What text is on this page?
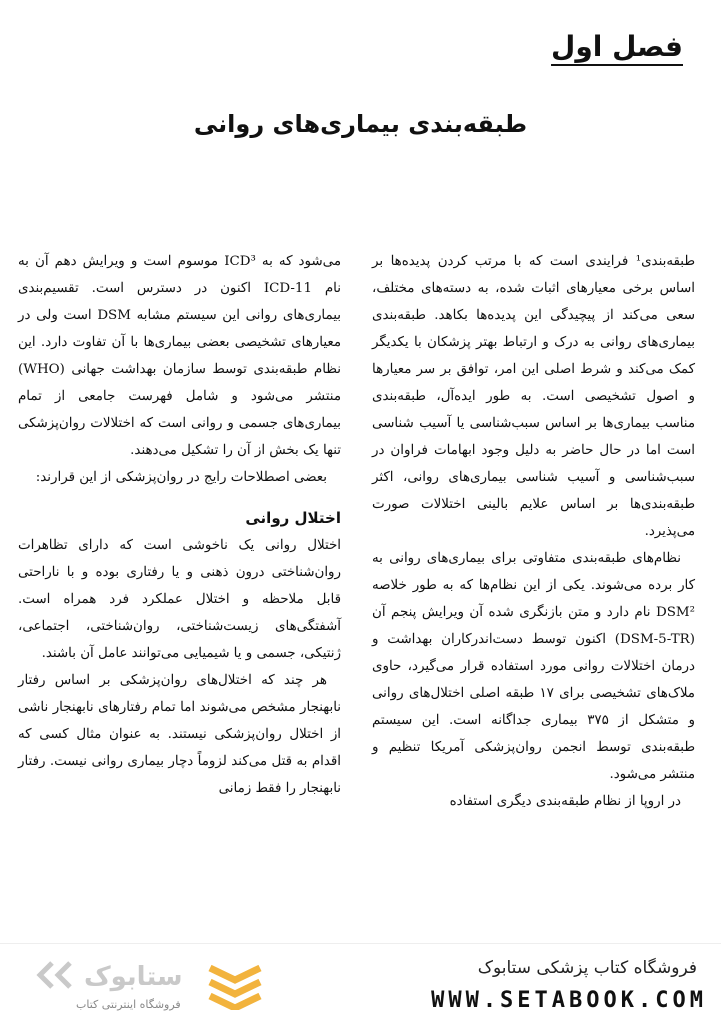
فصل اول
طبقه‌بندی بیماری‌های روانی

طبقه‌بندی¹ فرایندی است که با مرتب کردن پدیده‌ها بر اساس برخی معیارهای اثبات شده، به دسته‌های مختلف، سعی می‌کند از پیچیدگی این پدیده‌ها بکاهد. طبقه‌بندی بیماری‌های روانی به درک و ارتباط بهتر پزشکان با یکدیگر کمک می‌کند و شرط اصلی این امر، توافق بر سر معیارها و اصول تشخیصی است. به طور ایده‌آل، طبقه‌بندی مناسب بیماری‌ها بر اساس سبب‌شناسی یا آسیب شناسی است اما در حال حاضر به دلیل وجود ابهامات فراوان در سبب‌شناسی و آسیب شناسی بیماری‌های روانی، اکثر طبقه‌بندی‌ها بر اساس علایم بالینی اختلالات صورت می‌پذیرد.

نظام‌های طبقه‌بندی متفاوتی برای بیماری‌های روانی به کار برده می‌شوند. یکی از این نظام‌ها که به طور خلاصه DSM² نام دارد و متن بازنگری شده آن ویرایش پنجم آن (DSM-5-TR) اکنون توسط دست‌اندرکاران بهداشت و درمان اختلالات روانی مورد استفاده قرار می‌گیرد، حاوی ملاک‌های تشخیصی برای ۱۷ طبقه اصلی اختلال‌های روانی و متشکل از ۳۷۵ بیماری جداگانه است. این سیستم طبقه‌بندی توسط انجمن روان‌پزشکی آمریکا تنظیم و منتشر می‌شود.

در اروپا از نظام طبقه‌بندی دیگری استفاده

می‌شود که به ICD³ موسوم است و ویرایش دهم آن به نام ICD-11 اکنون در دسترس است. تقسیم‌بندی بیماری‌های روانی این سیستم مشابه DSM است ولی در معیارهای تشخیصی بعضی بیماری‌ها با آن تفاوت دارد. این نظام طبقه‌بندی توسط سازمان بهداشت جهانی (WHO) منتشر می‌شود و شامل فهرست جامعی از تمام بیماری‌های جسمی و روانی است که اختلالات روان‌پزشکی تنها یک بخش از آن را تشکیل می‌دهند.

بعضی اصطلاحات رایج در روان‌پزشکی از این قرارند:

اختلال روانی

اختلال روانی یک ناخوشی است که دارای تظاهرات روان‌شناختی درون ذهنی و یا رفتاری بوده و با ناراحتی قابل ملاحظه و اختلال عملکرد فرد همراه است. آشفتگی‌های زیست‌شناختی، روان‌شناختی، اجتماعی، ژنتیکی، جسمی و یا شیمیایی می‌توانند عامل آن باشند.

هر چند که اختلال‌های روان‌پزشکی بر اساس رفتار نابهنجار مشخص می‌شوند اما تمام رفتارهای نابهنجار ناشی از اختلال روان‌پزشکی نیستند. به عنوان مثال کسی که اقدام به قتل می‌کند لزوماً دچار بیماری روانی نیست. رفتار نابهنجار را فقط زمانی

ستابوک
فروشگاه اینترنتی کتاب
فروشگاه کتاب پزشکی ستابوک
WWW.SETABOOK.COM
